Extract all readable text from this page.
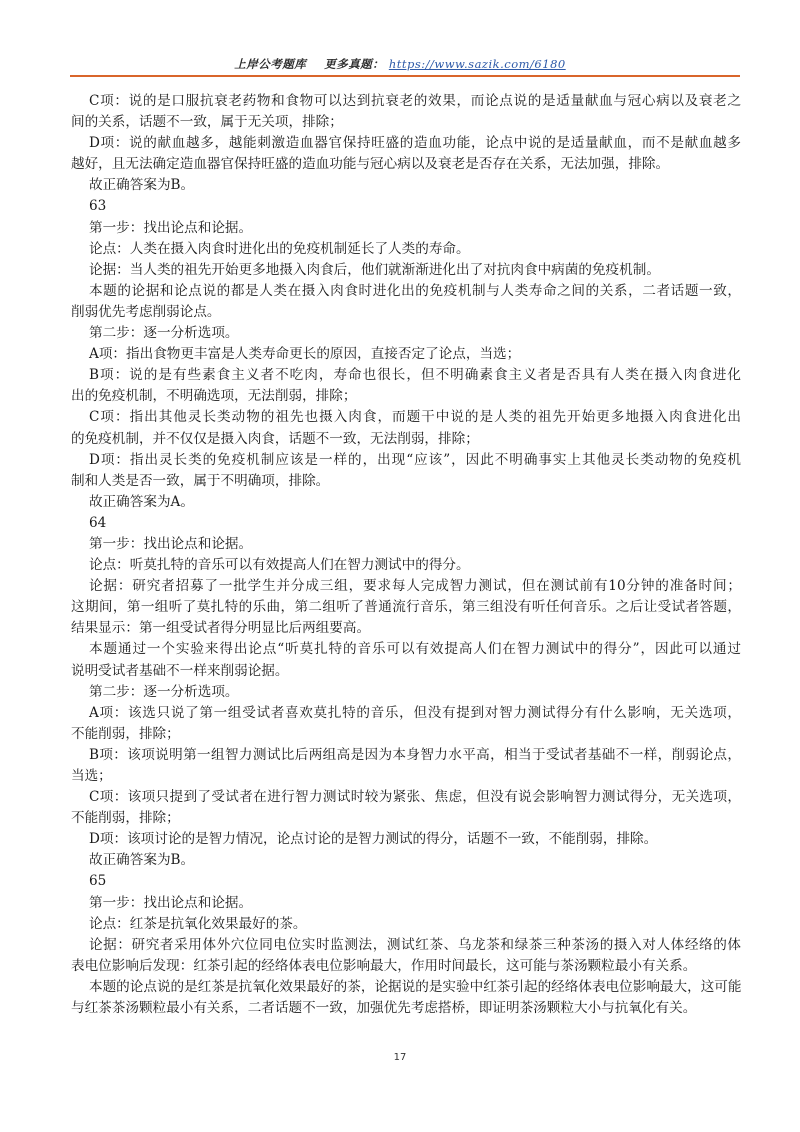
上岸公考题库 更多真题： https://www.sazik.com/6180
C项：说的是口服抗衰老药物和食物可以达到抗衰老的效果，而论点说的是适量献血与冠心病以及衰老之
间的关系，话题不一致，属于无关项，排除；
D项：说的献血越多，越能刺激造血器官保持旺盛的造血功能，论点中说的是适量献血，而不是献血越多
越好，且无法确定造血器官保持旺盛的造血功能与冠心病以及衰老是否存在关系，无法加强，排除。
故正确答案为B。
63
第一步：找出论点和论据。
论点：人类在摄入肉食时进化出的免疫机制延长了人类的寿命。
论据：当人类的祖先开始更多地摄入肉食后，他们就渐渐进化出了对抗肉食中病菌的免疫机制。
本题的论据和论点说的都是人类在摄入肉食时进化出的免疫机制与人类寿命之间的关系，二者话题一致，
削弱优先考虑削弱论点。
第二步：逐一分析选项。
A项：指出食物更丰富是人类寿命更长的原因，直接否定了论点，当选；
B项：说的是有些素食主义者不吃肉，寿命也很长，但不明确素食主义者是否具有人类在摄入肉食进化
出的免疫机制，不明确选项，无法削弱，排除；
C项：指出其他灵长类动物的祖先也摄入肉食，而题干中说的是人类的祖先开始更多地摄入肉食进化出
的免疫机制，并不仅仅是摄入肉食，话题不一致，无法削弱，排除；
D项：指出灵长类的免疫机制应该是一样的，出现“应该”，因此不明确事实上其他灵长类动物的免疫机
制和人类是否一致，属于不明确项，排除。
故正确答案为A。
64
第一步：找出论点和论据。
论点：听莫扎特的音乐可以有效提高人们在智力测试中的得分。
论据：研究者招募了一批学生并分成三组，要求每人完成智力测试，但在测试前有10分钟的准备时间；
这期间，第一组听了莫扎特的乐曲，第二组听了普通流行音乐，第三组没有听任何音乐。之后让受试者答题，
结果显示：第一组受试者得分明显比后两组要高。
本题通过一个实验来得出论点“听莫扎特的音乐可以有效提高人们在智力测试中的得分”，因此可以通过
说明受试者基础不一样来削弱论据。
第二步：逐一分析选项。
A项：该选只说了第一组受试者喜欢莫扎特的音乐，但没有提到对智力测试得分有什么影响，无关选项，
不能削弱，排除；
B项：该项说明第一组智力测试比后两组高是因为本身智力水平高，相当于受试者基础不一样，削弱论点，
当选；
C项：该项只提到了受试者在进行智力测试时较为紧张、焦虑，但没有说会影响智力测试得分，无关选项，
不能削弱，排除；
D项：该项讨论的是智力情况，论点讨论的是智力测试的得分，话题不一致，不能削弱，排除。
故正确答案为B。
65
第一步：找出论点和论据。
论点：红茶是抗氧化效果最好的茶。
论据：研究者采用体外穴位同电位实时监测法，测试红茶、乌龙茶和绿茶三种茶汤的摄入对人体经络的体
表电位影响后发现：红茶引起的经络体表电位影响最大，作用时间最长，这可能与茶汤颗粒最小有关系。
本题的论点说的是红茶是抗氧化效果最好的茶，论据说的是实验中红茶引起的经络体表电位影响最大，这可能
与红茶茶汤颗粒最小有关系，二者话题不一致，加强优先考虑搭桥，即证明茶汤颗粒大小与抗氧化有关。
17
